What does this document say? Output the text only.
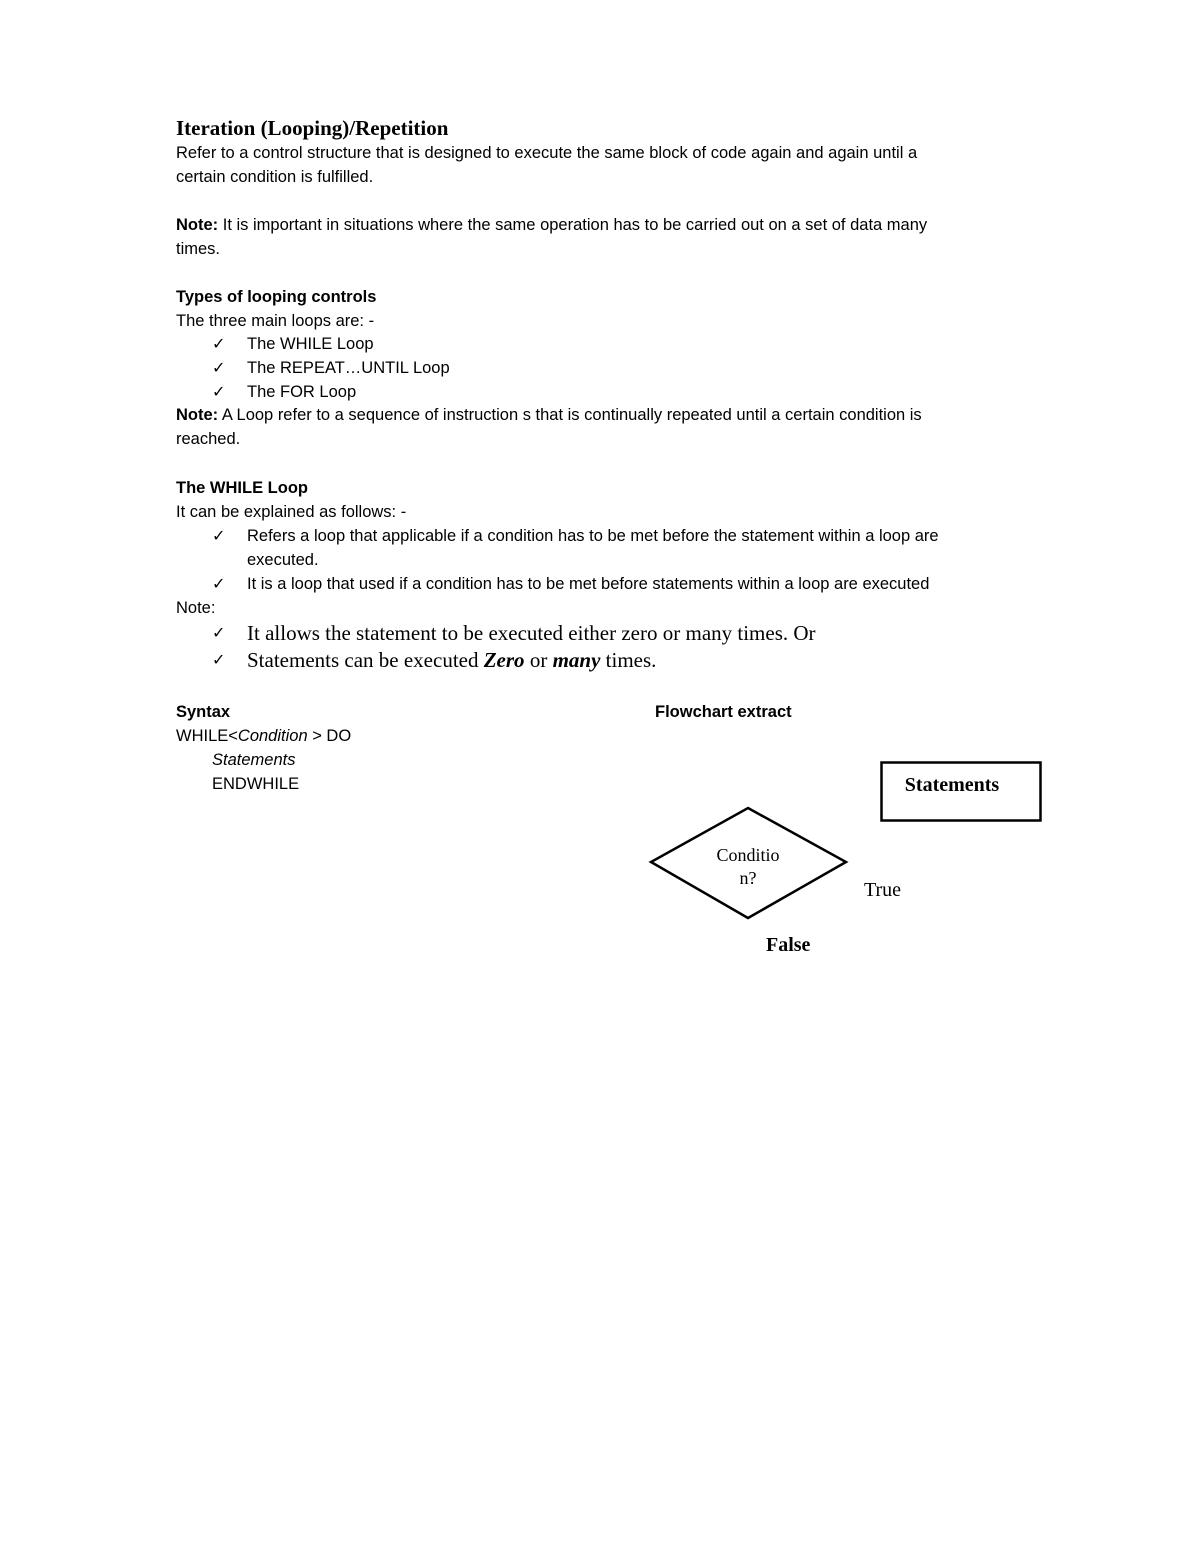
Iteration (Looping)/Repetition
Refer to a control structure that is designed to execute the same block of code again and again until a
certain condition is fulfilled.
Note: It is important in situations where the same operation has to be carried out on a set of data many
times.
Types of looping controls
The three main loops are: -
✓ The WHILE Loop
✓ The REPEAT…UNTIL Loop
✓ The FOR Loop
Note: A Loop refer to a sequence of instruction s that is continually repeated until a certain condition is
reached.
The WHILE Loop
It can be explained as follows: -
✓ Refers a loop that applicable if a condition has to be met before the statement within a loop are
executed.
✓ It is a loop that used if a condition has to be met before statements within a loop are executed
Note:
✓ It allows the statement to be executed either zero or many times. Or
✓ Statements can be executed Zero or many times.
Syntax
WHILE<Condition > DO
Statements
ENDWHILE
Flowchart extract
Statements
Conditio
n?
True
False
